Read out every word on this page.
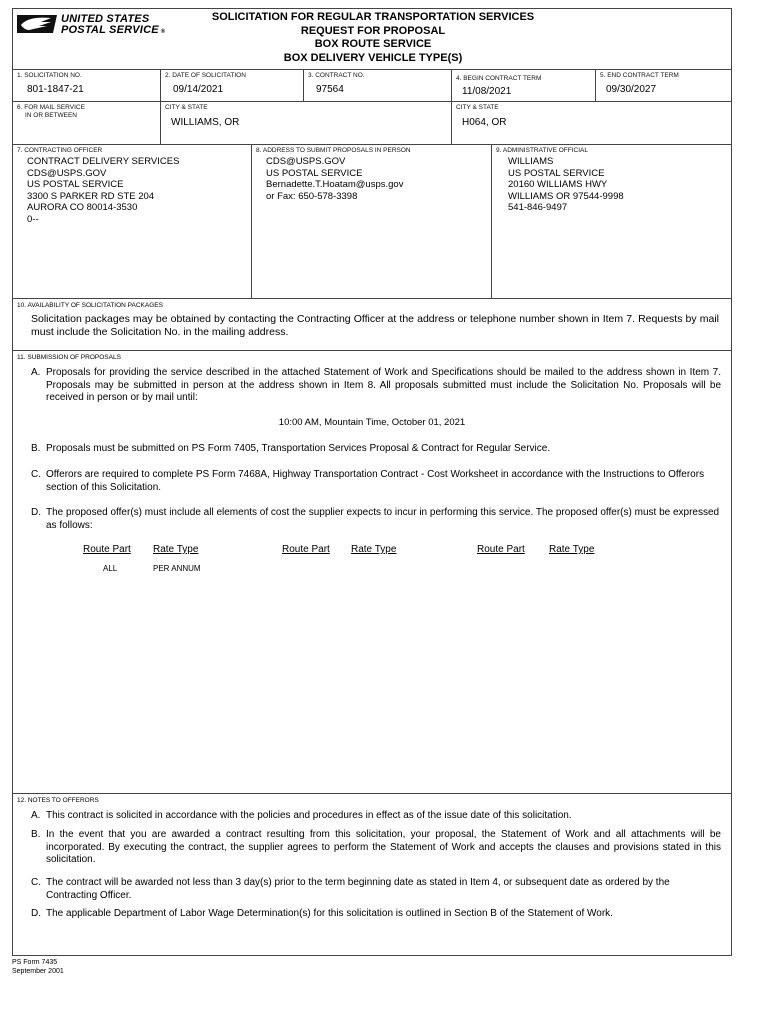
UNITED STATES
POSTAL SERVICE ®
SOLICITATION FOR REGULAR TRANSPORTATION SERVICES
REQUEST FOR PROPOSAL
BOX ROUTE SERVICE
BOX DELIVERY VEHICLE TYPE(S)
1. SOLICITATION NO.
801-1847-21
2. DATE OF SOLICITATION
09/14/2021
3. CONTRACT NO.
97564
4. BEGIN CONTRACT TERM
11/08/2021
5. END CONTRACT TERM
09/30/2027
6. FOR MAIL SERVICE
IN OR BETWEEN
CITY & STATE
WILLIAMS, OR
CITY & STATE
H064, OR
7. CONTRACTING OFFICER
CONTRACT DELIVERY SERVICES
CDS@USPS.GOV
US POSTAL SERVICE
3300 S PARKER RD STE 204
AURORA CO 80014-3530
0--
8. ADDRESS TO SUBMIT PROPOSALS IN PERSON
CDS@USPS.GOV
US POSTAL SERVICE
Bernadette.T.Hoatam@usps.gov
or Fax: 650-578-3398
9. ADMINISTRATIVE OFFICIAL
WILLIAMS
US POSTAL SERVICE
20160 WILLIAMS HWY
WILLIAMS OR 97544-9998
541-846-9497
10. AVAILABILITY OF SOLICITATION PACKAGES
Solicitation packages may be obtained by contacting the Contracting Officer at the address or telephone number shown in Item 7. Requests by mail must include the Solicitation No. in the mailing address.
11. SUBMISSION OF PROPOSALS
A. Proposals for providing the service described in the attached Statement of Work and Specifications should be mailed to the address shown in Item 7. Proposals may be submitted in person at the address shown in Item 8. All proposals submitted must include the Solicitation No. Proposals will be received in person or by mail until:
10:00 AM, Mountain Time, October 01, 2021
B. Proposals must be submitted on PS Form 7405, Transportation Services Proposal & Contract for Regular Service.
C. Offerors are required to complete PS Form 7468A, Highway Transportation Contract - Cost Worksheet in accordance with the Instructions to Offerors section of this Solicitation.
D. The proposed offer(s) must include all elements of cost the supplier expects to incur in performing this service. The proposed offer(s) must be expressed as follows:
Route Part Rate Type	Route Part Rate Type	Route Part Rate Type
ALL	PER ANNUM
12. NOTES TO OFFERORS
A. This contract is solicited in accordance with the policies and procedures in effect as of the issue date of this solicitation.
B. In the event that you are awarded a contract resulting from this solicitation, your proposal, the Statement of Work and all attachments will be incorporated. By executing the contract, the supplier agrees to perform the Statement of Work and accepts the clauses and provisions stated in this solicitation.
C. The contract will be awarded not less than 3 day(s) prior to the term beginning date as stated in Item 4, or subsequent date as ordered by the Contracting Officer.
D. The applicable Department of Labor Wage Determination(s) for this solicitation is outlined in Section B of the Statement of Work.
PS Form 7435
September 2001
